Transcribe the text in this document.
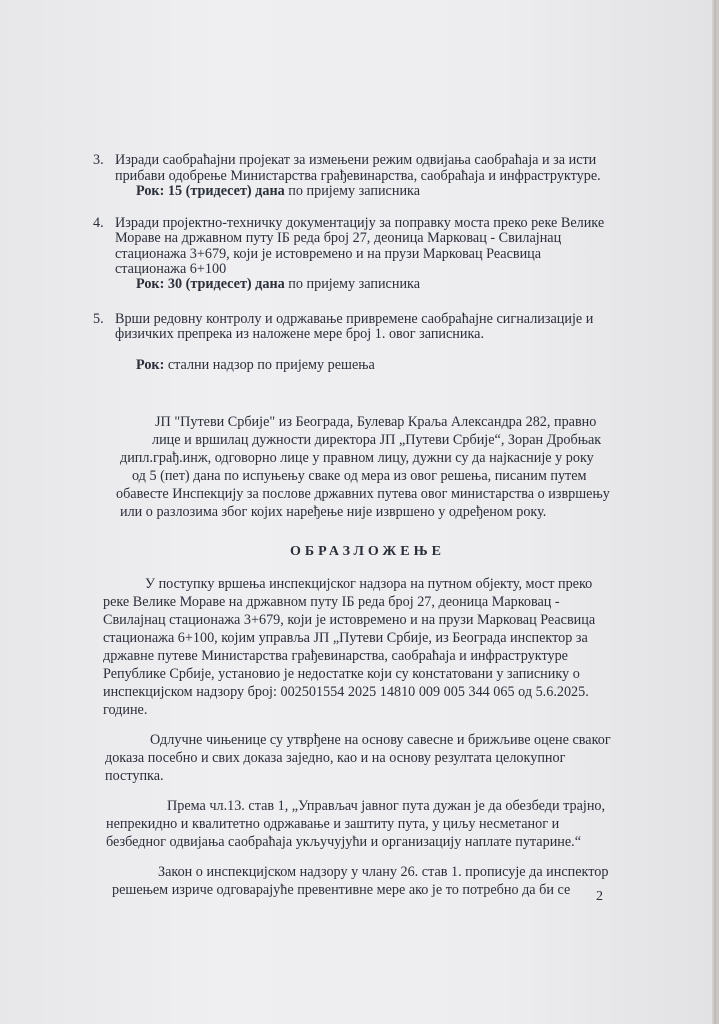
3. Изради саобраћајни пројекат за измењени режим одвијања саобраћаја и за исти
прибави одобрење Министарства грађевинарства, саобраћаја и инфраструктуре.
Рок: 15 (тридесет) дана по пријему записника
4. Изради пројектно-техничку документацију за поправку моста преко реке Велике
Мораве на државном путу IБ реда број 27, деоница Марковац - Свилајнац
стационажа 3+679, који је истовремено и на прузи Марковац Реасвица
стационажа 6+100
Рок: 30 (тридесет) дана по пријему записника
5. Врши редовну контролу и одржавање привремене саобраћајне сигнализације и
физичких препрека из наложене мере број 1. овог записника.
Рок: стални надзор по пријему решења
ЈП "Путеви Србије" из Београда, Булевар Краља Александра 282, правно
лице и вршилац дужности директора ЈП „Путеви Србије“, Зоран Дробњак
дипл.грађ.инж, одговорно лице у правном лицу, дужни су да најкасније у року
од 5 (пет) дана по испуњењу сваке од мера из овог решења, писаним путем
обавесте Инспекцију за послове државних путева овог министарства о извршењу
или о разлозима због којих наређење није извршено у одређеном року.
ОБРАЗЛОЖЕЊЕ
У поступку вршења инспекцијског надзора на путном објекту, мост преко
реке Велике Мораве на државном путу IБ реда број 27, деоница Марковац -
Свилајнац стационажа 3+679, који је истовремено и на прузи Марковац Реасвица
стационажа 6+100, којим управља ЈП „Путеви Србије, из Београда инспектор за
државне путеве Министарства грађевинарства, саобраћаја и инфраструктуре
Републике Србије, установио је недостатке који су констатовани у записнику о
инспекцијском надзору број: 002501554 2025 14810 009 005 344 065 од 5.6.2025.
године.
Одлучне чињенице су утврђене на основу савесне и брижљиве оцене сваког
доказа посебно и свих доказа заједно, као и на основу резултата целокупног
поступка.
Према чл.13. став 1, „Управљач јавног пута дужан је да обезбеди трајно,
непрекидно и квалитетно одржавање и заштиту пута, у циљу несметаног и
безбедног одвијања саобраћаја укључујући и организацију наплате путарине.“
Закон о инспекцијском надзору у члану 26. став 1. прописује да инспектор
решењем изриче одговарајуће превентивне мере ако је то потребно да би се 2
